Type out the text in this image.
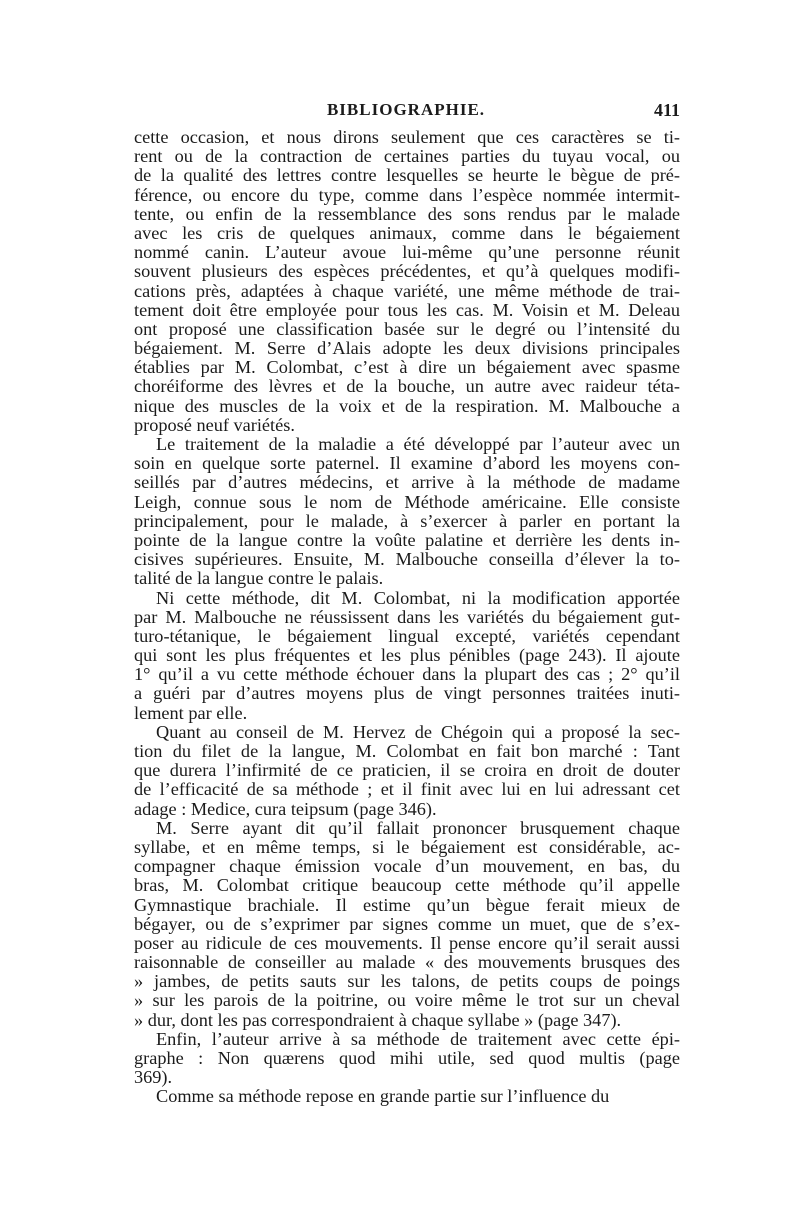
BIBLIOGRAPHIE.	411
cette occasion, et nous dirons seulement que ces caractères se ti-
rent ou de la contraction de certaines parties du tuyau vocal, ou
de la qualité des lettres contre lesquelles se heurte le bègue de pré-
férence, ou encore du type, comme dans l’espèce nommée intermit-
tente, ou enfin de la ressemblance des sons rendus par le malade
avec les cris de quelques animaux, comme dans le bégaiement
nommé canin. L’auteur avoue lui-même qu’une personne réunit
souvent plusieurs des espèces précédentes, et qu’à quelques modifi-
cations près, adaptées à chaque variété, une même méthode de trai-
tement doit être employée pour tous les cas. M. Voisin et M. Deleau
ont proposé une classification basée sur le degré ou l’intensité du
bégaiement. M. Serre d’Alais adopte les deux divisions principales
établies par M. Colombat, c’est à dire un bégaiement avec spasme
choréiforme des lèvres et de la bouche, un autre avec raideur téta-
nique des muscles de la voix et de la respiration. M. Malbouche a
proposé neuf variétés.
Le traitement de la maladie a été développé par l’auteur avec un
soin en quelque sorte paternel. Il examine d’abord les moyens con-
seillés par d’autres médecins, et arrive à la méthode de madame
Leigh, connue sous le nom de Méthode américaine. Elle consiste
principalement, pour le malade, à s’exercer à parler en portant la
pointe de la langue contre la voûte palatine et derrière les dents in-
cisives supérieures. Ensuite, M. Malbouche conseilla d’élever la to-
talité de la langue contre le palais.
Ni cette méthode, dit M. Colombat, ni la modification apportée
par M. Malbouche ne réussissent dans les variétés du bégaiement gut-
turo-tétanique, le bégaiement lingual excepté, variétés cependant
qui sont les plus fréquentes et les plus pénibles (page 243). Il ajoute
1° qu’il a vu cette méthode échouer dans la plupart des cas ; 2° qu’il
a guéri par d’autres moyens plus de vingt personnes traitées inuti-
lement par elle.
Quant au conseil de M. Hervez de Chégoin qui a proposé la sec-
tion du filet de la langue, M. Colombat en fait bon marché : Tant
que durera l’infirmité de ce praticien, il se croira en droit de douter
de l’efficacité de sa méthode ; et il finit avec lui en lui adressant cet
adage : Medice, cura teipsum (page 346).
M. Serre ayant dit qu’il fallait prononcer brusquement chaque
syllabe, et en même temps, si le bégaiement est considérable, ac-
compagner chaque émission vocale d’un mouvement, en bas, du
bras, M. Colombat critique beaucoup cette méthode qu’il appelle
Gymnastique brachiale. Il estime qu’un bègue ferait mieux de
bégayer, ou de s’exprimer par signes comme un muet, que de s’ex-
poser au ridicule de ces mouvements. Il pense encore qu’il serait aussi
raisonnable de conseiller au malade « des mouvements brusques des
» jambes, de petits sauts sur les talons, de petits coups de poings
» sur les parois de la poitrine, ou voire même le trot sur un cheval
» dur, dont les pas correspondraient à chaque syllabe » (page 347).
Enfin, l’auteur arrive à sa méthode de traitement avec cette épi-
graphe : Non quærens quod mihi utile, sed quod multis (page
369).
Comme sa méthode repose en grande partie sur l’influence du
